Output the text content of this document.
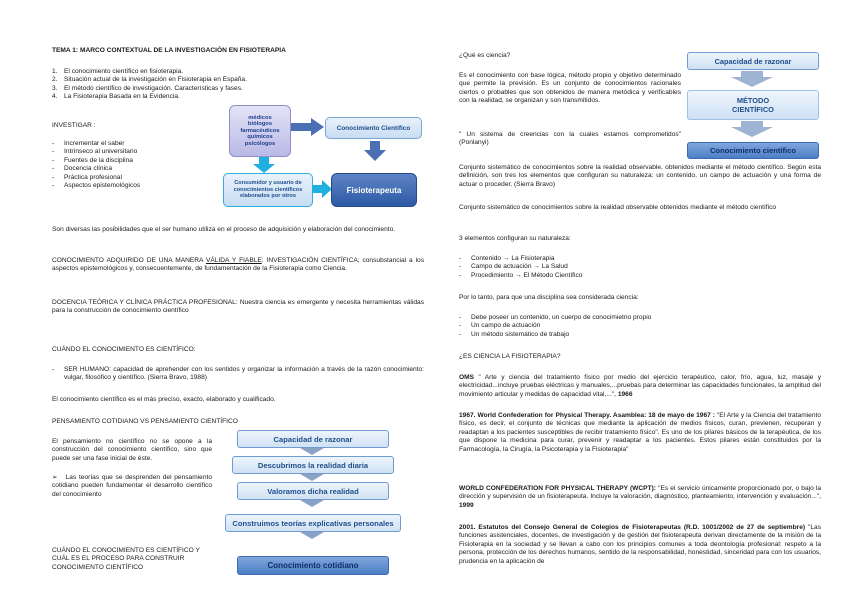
TEMA 1: MARCO CONTEXTUAL DE LA INVESTIGACIÓN EN FISIOTERAPIA

1. El conocimiento científico en fisioterapia.
2. Situación actual de la investigación en Fisioterapia en España.
3. El método científico de investigación. Características y fases.
4. La Fisioterapia Basada en la Evidencia.

INVESTIGAR :

- Incrementar el saber
- Intrínseco al universitario
- Fuentes de la disciplina
- Docencia clínica
- Práctica profesional
- Aspectos epistemológicos
médicos
biólogos
farmacéuticos
químicos
psicólogos
Conocimiento Científico
Consumidor y usuario de
conocimientos científicos
elaborados por otros
Fisioterapeuta

Son diversas las posibilidades que el ser humano utiliza en el proceso de adquisición y elaboración del conocimiento.

CONOCIMIENTO ADQUIRIDO DE UNA MANERA VÁLIDA Y FIABLE: INVESTIGACIÓN CIENTÍFICA; consubstancial a los aspectos epistemológicos y, consecuentemente, de fundamentación de la Fisioterapia como Ciencia.

DOCENCIA TEÓRICA Y CLÍNICA PRÁCTICA PROFESIONAL: Nuestra ciencia es emergente y necesita herramientas válidas para la construcción de conocimiento científico

CUÁNDO EL CONOCIMIENTO ES CIENTÍFICO:

- SER HUMANO: capacidad de aprehender con los sentidos y organizar la información a través de la razón conocimiento: vulgar, filosófico y científico. (Sierra Bravo, 1988)

El conocimiento científico es el más preciso, exacto, elaborado y cualificado.

PENSAMIENTO COTIDIANO VS PENSAMIENTO CIENTÍFICO

El pensamiento no científico no se opone a la construcción del conocimiento científico, sino que puede ser una fase inicial de éste.

➢ Las teorías que se desprenden del pensamiento cotidiano pueden fundamentar el desarrollo científico del conocimiento

CUÁNDO EL CONOCIMIENTO ES CIENTÍFICO Y CUÁL ES EL PROCESO PARA CONSTRUIR CONOCIMIENTO CIENTÍFICO

Capacidad de razonar
Descubrimos la realidad diaria
Valoramos dicha realidad
Construimos teorías explicativas personales
Conocimiento cotidiano

¿Qué es ciencia?

Es el conocimiento con base lógica, método propio y objetivo determinado que permite la previsión. Es un conjunto de conocimientos racionales ciertos o probables que son obtenidos de manera metódica y verificables con la realidad, se organizan y son transmitidos.

" Un sistema de creencias con la cuales estamos comprometidos" (Ponlanyi)

Capacidad de razonar
MÉTODO
CIENTÍFICO
Conocimiento científico

Conjunto sistemático de conocimientos sobre la realidad observable, obtenidos mediante el método científico. Según esta definición, son tres los elementos que configuran su naturaleza: un contenido, un campo de actuación y una forma de actuar o proceder. (Sierra Bravo)

Conjunto sistemático de conocimientos sobre la realidad observable obtenidos mediante el método científico

3 elementos configuran su naturaleza:

- Contenido → La Fisioterapia
- Campo de actuación → La Salud
- Procedimiento → El Método Científico

Por lo tanto, para que una disciplina sea considerada ciencia:

- Debe poseer un contenido, un cuerpo de conocimietno propio
- Un campo de actuación
- Un método sistemático de trabajo

¿ES CIENCIA LA FISIOTERAPIA?

OMS " Arte y ciencia del tratamiento físico por medio del ejercicio terapéutico, calor, frío, agua, luz, masaje y electricidad...incluye pruebas eléctricas y manuales,...pruebas para determinar las capacidades funcionales, la amplitud del movimiento articular y medidas de capacidad vital,...", 1966

1967. World Confederation for Physical Therapy. Asamblea: 18 de mayo de 1967 : "El Arte y la Ciencia del tratamiento físico, es decir, el conjunto de técnicas que mediante la aplicación de medios físicos, curan, previenen, recuperan y readaptan a los pacientes susceptibles de recibir tratamiento físico". Es uno de los pilares básicos de la terapéutica, de los que dispone la medicina para curar, prevenir y readaptar a los pacientes. Estos pilares están constituidos por la Farmacología, la Cirugía, la Psicoterapia y la Fisioterapia"

WORLD CONFEDERATION FOR PHYSICAL THERAPY (WCPT): "Es el servicio únicamente proporcionado por, o bajo la dirección y supervisión de un fisioterapeuta. Incluye la valoración, diagnóstico, planteamiento, intervención y evaluación...", 1999

2001. Estatutos del Consejo General de Colegios de Fisioterapeutas (R.D. 1001/2002 de 27 de septiembre) "Las funciones asistenciales, docentes, de investigación y de gestión del fisioterapeuta derivan directamente de la misión de la Fisioterapia en la sociedad y se llevan a cabo con los principios comunes a toda deontología profesional: respeto a la persona, protección de los derechos humanos, sentido de la responsabilidad, honestidad, sinceridad para con los usuarios, prudencia en la aplicación de
